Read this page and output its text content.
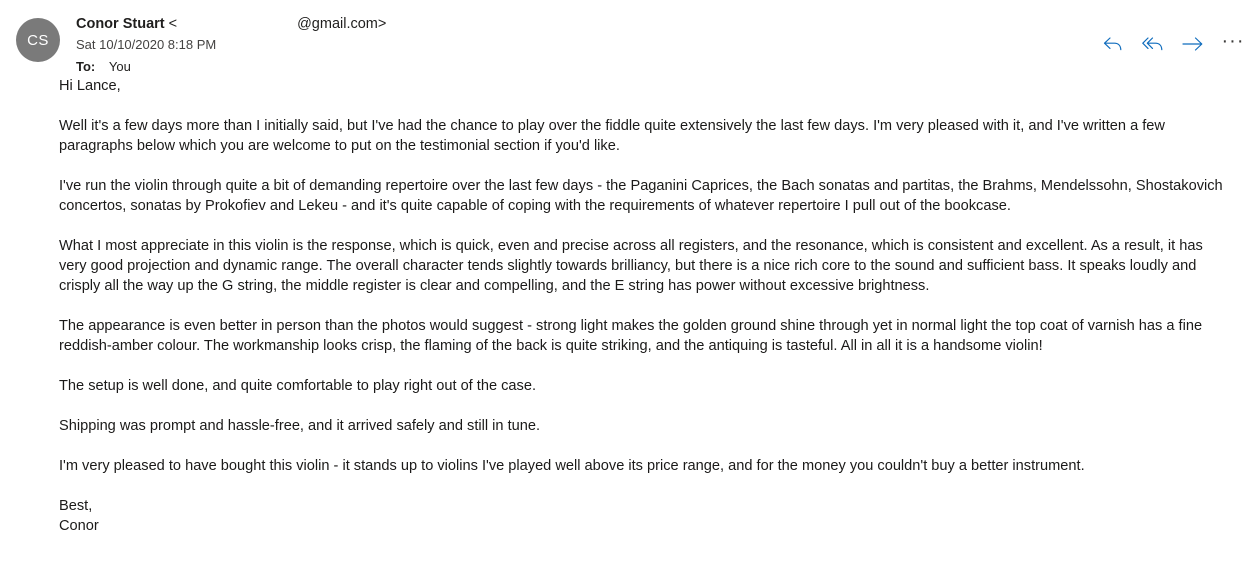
CS
Conor Stuart <	@gmail.com>
Sat 10/10/2020 8:18 PM
To: You
···

Hi Lance,

Well it's a few days more than I initially said, but I've had the chance to play over the fiddle quite extensively the last few days. I'm very pleased with it, and I've written a few paragraphs below which you are welcome to put on the testimonial section if you'd like.

I've run the violin through quite a bit of demanding repertoire over the last few days - the Paganini Caprices, the Bach sonatas and partitas, the Brahms, Mendelssohn, Shostakovich concertos, sonatas by Prokofiev and Lekeu - and it's quite capable of coping with the requirements of whatever repertoire I pull out of the bookcase.

What I most appreciate in this violin is the response, which is quick, even and precise across all registers, and the resonance, which is consistent and excellent. As a result, it has very good projection and dynamic range. The overall character tends slightly towards brilliancy, but there is a nice rich core to the sound and sufficient bass. It speaks loudly and crisply all the way up the G string, the middle register is clear and compelling, and the E string has power without excessive brightness.

The appearance is even better in person than the photos would suggest - strong light makes the golden ground shine through yet in normal light the top coat of varnish has a fine reddish-amber colour. The workmanship looks crisp, the flaming of the back is quite striking, and the antiquing is tasteful. All in all it is a handsome violin!

The setup is well done, and quite comfortable to play right out of the case.

Shipping was prompt and hassle-free, and it arrived safely and still in tune.

I'm very pleased to have bought this violin - it stands up to violins I've played well above its price range, and for the money you couldn't buy a better instrument.

Best,
Conor
